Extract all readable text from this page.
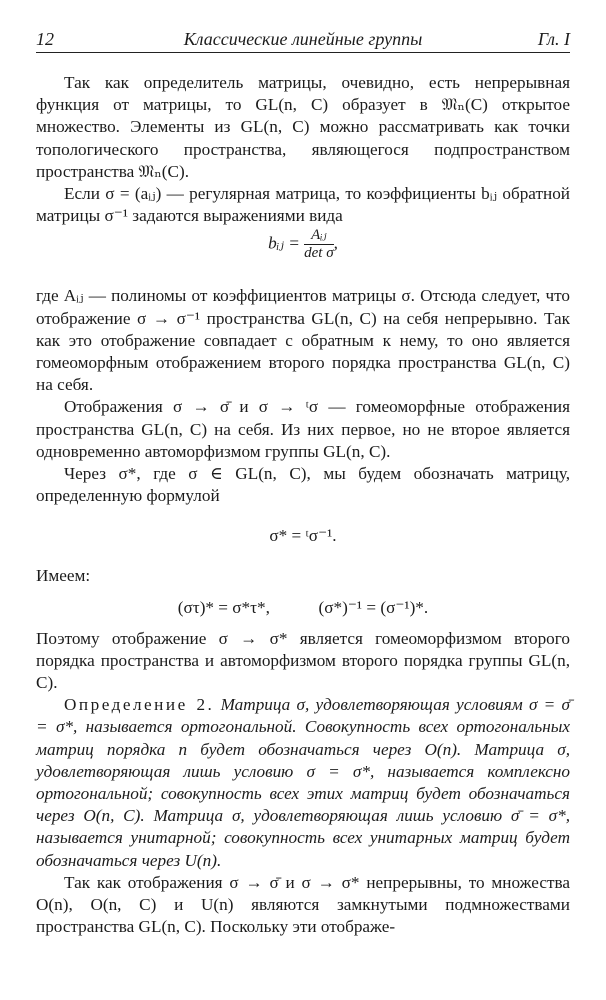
12	Классические линейные группы	Гл. I

Так как определитель матрицы, очевидно, есть непрерывная функция от матрицы, то GL(n, C) образует в 𝔐ₙ(C) открытое множество. Элементы из GL(n, C) можно рассматривать как точки топологического пространства, являющегося подпространством пространства 𝔐ₙ(C).

Если σ = (aᵢⱼ) — регулярная матрица, то коэффициенты bᵢⱼ обратной матрицы σ⁻¹ задаются выражениями вида

bᵢⱼ = $\frac{\text{Aᵢⱼ}}{\text{det σ}}$ ,

где Aᵢⱼ — полиномы от коэффициентов матрицы σ. Отсюда следует, что отображение σ → σ⁻¹ пространства GL(n, C) на себя непрерывно. Так как это отображение совпадает с обратным к нему, то оно является гомеоморфным отображением второго порядка пространства GL(n, C) на себя.

Отображения σ → σ̄ и σ → ᵗσ — гомеоморфные отображения пространства GL(n, C) на себя. Из них первое, но не второе является одновременно автоморфизмом группы GL(n, C).

Через σ*, где σ ∈ GL(n, C), мы будем обозначать матрицу, определенную формулой

σ* = ᵗσ⁻¹.

Имеем:

(στ)* = σ*τ*,	(σ*)⁻¹ = (σ⁻¹)*.

Поэтому отображение σ → σ* является гомеоморфизмом второго порядка пространства и автоморфизмом второго порядка группы GL(n, C).

Определение 2. Матрица σ, удовлетворяющая условиям σ = σ̄ = σ*, называется ортогональной. Совокупность всех ортогональных матриц порядка n будет обозначаться через O(n). Матрица σ, удовлетворяющая лишь условию σ = σ*, называется комплексно ортогональной; совокупность всех этих матриц будет обозначаться через O(n, C). Матрица σ, удовлетворяющая лишь условию σ̄ = σ*, называется унитарной; совокупность всех унитарных матриц будет обозначаться через U(n).

Так как отображения σ → σ̄ и σ → σ* непрерывны, то множества O(n), O(n, C) и U(n) являются замкнутыми подмножествами пространства GL(n, C). Поскольку эти отображе-
